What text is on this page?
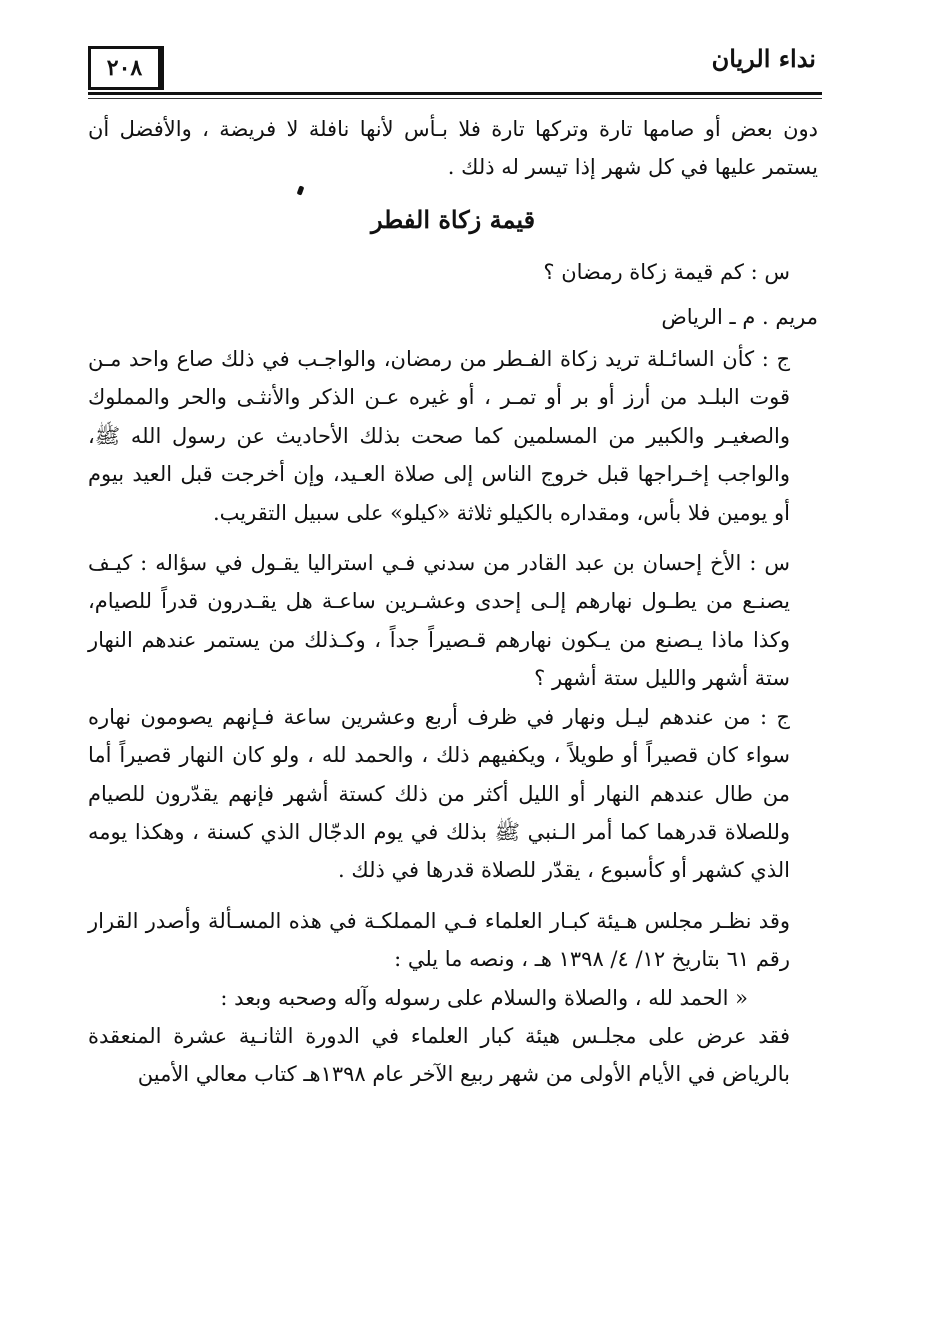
نداء الريان
٢٠٨

دون بعض أو صامها تارة وتركها تارة فلا بـأس لأنها نافلة لا فريضة ، والأفضل أن يستمر عليها في كل شهر إذا تيسر له ذلك .

قيمة زكاة الفطر

س : كم قيمة زكاة رمضان ؟

مريم . م ـ الرياض

ج : كأن السائـلة تريد زكاة الفـطر من رمضان، والواجـب في ذلك صاع واحد مـن قوت البلـد من أرز أو بر أو تمـر ، أو غيره عـن الذكر والأنثـى والحر والمملوك والصغيـر والكبير من المسلمين كما صحت بذلك الأحاديث عن رسول الله ﷺ، والواجب إخـراجها قبل خروج الناس إلى صلاة العـيد، وإن أخرجت قبل العيد بيوم أو يومين فلا بأس، ومقداره بالكيلو ثلاثة «كيلو» على سبيل التقريب.

س : الأخ إحسان بن عبد القادر من سدني فـي استراليا يقـول في سؤاله : كيـف يصنـع من يطـول نهارهم إلـى إحدى وعشـرين ساعـة هل يقـدرون قدراً للصيام، وكذا ماذا يـصنع من يـكون نهارهم قـصيراً جداً ، وكـذلك من يستمر عندهم النهار ستة أشهر والليل ستة أشهر ؟

ج : من عندهم ليـل ونهار في ظرف أربع وعشرين ساعة فـإنهم يصومون نهاره سواء كان قصيراً أو طويلاً ، ويكفيهم ذلك ، والحمد لله ، ولو كان النهار قصيراً أما من طال عندهم النهار أو الليل أكثر من ذلك كستة أشهر فإنهم يقدّرون للصيام وللصلاة قدرهما كما أمر الـنبي ﷺ بذلك في يوم الدجّال الذي كسنة ، وهكذا يومه الذي كشهر أو كأسبوع ، يقدّر للصلاة قدرها في ذلك .

وقد نظـر مجلس هـيئة كبـار العلماء فـي المملكـة في هذه المسـألة وأصدر القرار رقم ٦١ بتاريخ ١٢/ ٤/ ١٣٩٨ هـ ، ونصه ما يلي :

« الحمد لله ، والصلاة والسلام على رسوله وآله وصحبه وبعد :

فقد عرض على مجلـس هيئة كبار العلماء في الدورة الثانـية عشرة المنعقدة بالرياض في الأيام الأولى من شهر ربيع الآخر عام ١٣٩٨هـ كتاب معالي الأمين
